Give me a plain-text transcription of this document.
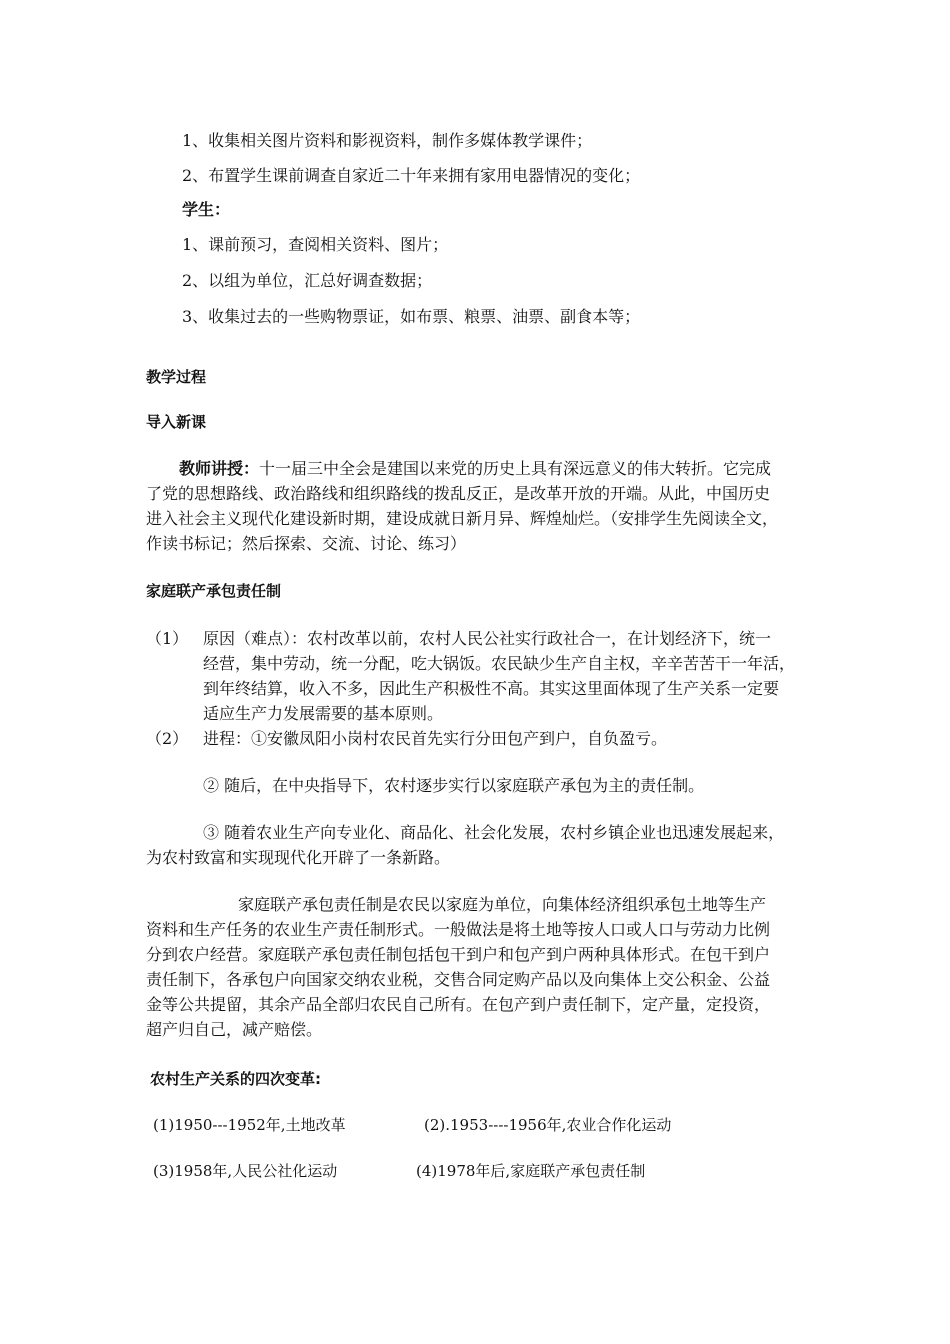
1、收集相关图片资料和影视资料，制作多媒体教学课件；
2、布置学生课前调查自家近二十年来拥有家用电器情况的变化；
学生：
1、课前预习，查阅相关资料、图片；
2、以组为单位，汇总好调查数据；
3、收集过去的一些购物票证，如布票、粮票、油票、副食本等；
教学过程
导入新课
教师讲授：十一届三中全会是建国以来党的历史上具有深远意义的伟大转折。它完成
了党的思想路线、政治路线和组织路线的拨乱反正，是改革开放的开端。从此，中国历史
进入社会主义现代化建设新时期，建设成就日新月异、辉煌灿烂。（安排学生先阅读全文，
作读书标记；然后探索、交流、讨论、练习）
家庭联产承包责任制
（1） 原因（难点）：农村改革以前，农村人民公社实行政社合一，在计划经济下，统一
经营，集中劳动，统一分配，吃大锅饭。农民缺少生产自主权，辛辛苦苦干一年活，
到年终结算，收入不多，因此生产积极性不高。其实这里面体现了生产关系一定要
适应生产力发展需要的基本原则。
（2） 进程：①安徽凤阳小岗村农民首先实行分田包产到户，自负盈亏。
② 随后，在中央指导下，农村逐步实行以家庭联产承包为主的责任制。
③ 随着农业生产向专业化、商品化、社会化发展，农村乡镇企业也迅速发展起来，
为农村致富和实现现代化开辟了一条新路。
家庭联产承包责任制是农民以家庭为单位，向集体经济组织承包土地等生产
资料和生产任务的农业生产责任制形式。一般做法是将土地等按人口或人口与劳动力比例
分到农户经营。家庭联产承包责任制包括包干到户和包产到户两种具体形式。在包干到户
责任制下，各承包户向国家交纳农业税，交售合同定购产品以及向集体上交公积金、公益
金等公共提留，其余产品全部归农民自己所有。在包产到户责任制下，定产量，定投资，
超产归自己，减产赔偿。
农村生产关系的四次变革:
(1)1950---1952年,土地改革	(2).1953----1956年,农业合作化运动
(3)1958年,人民公社化运动	(4)1978年后,家庭联产承包责任制
